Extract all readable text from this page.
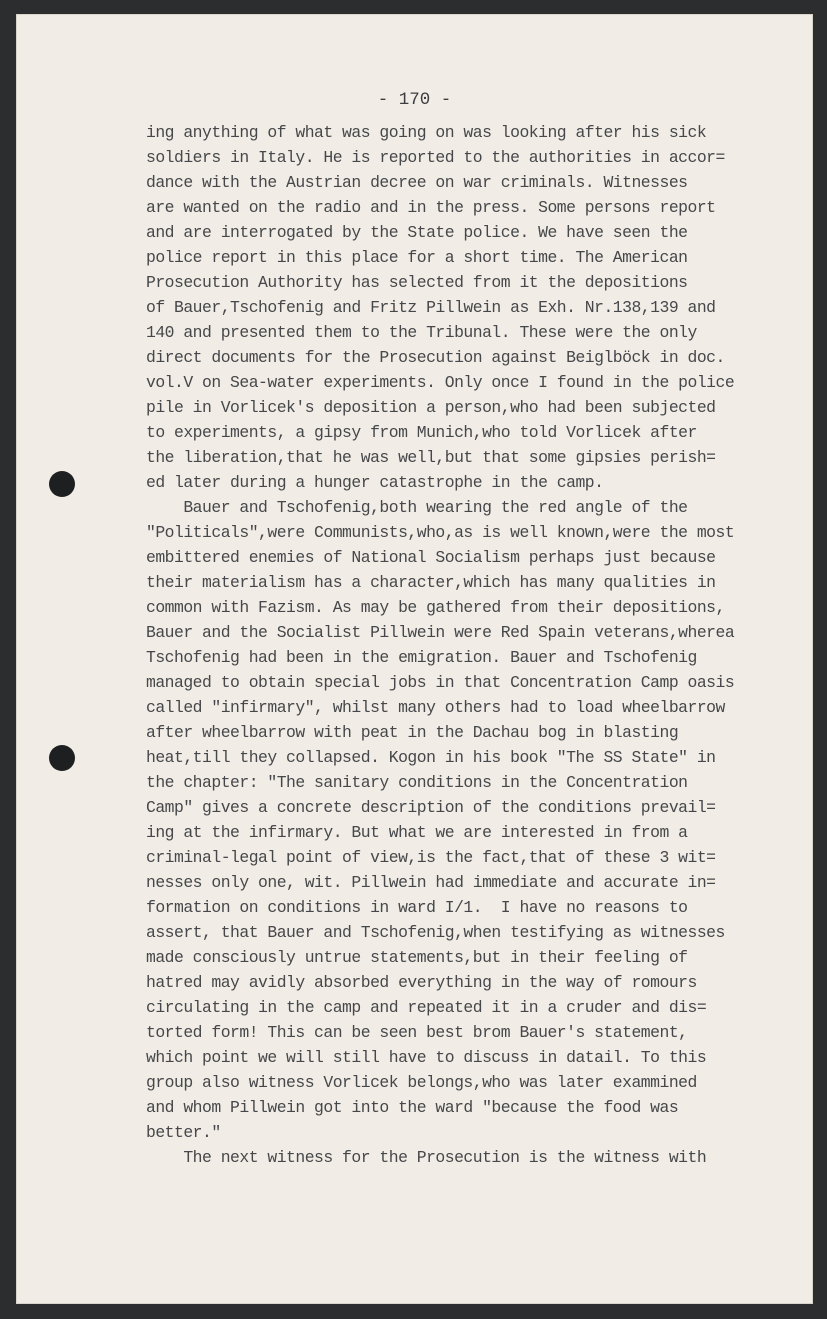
- 170 -
ing anything of what was going on was looking after his sick
soldiers in Italy. He is reported to the authorities in accor=
dance with the Austrian decree on war criminals. Witnesses
are wanted on the radio and in the press. Some persons report
and are interrogated by the State police. We have seen the
police report in this place for a short time. The American
Prosecution Authority has selected from it the depositions
of Bauer,Tschofenig and Fritz Pillwein as Exh. Nr.138,139 and
140 and presented them to the Tribunal. These were the only
direct documents for the Prosecution against Beiglböck in doc.
vol.V on Sea-water experiments. Only once I found in the police
pile in Vorlicek's deposition a person,who had been subjected
to experiments, a gipsy from Munich,who told Vorlicek after
the liberation,that he was well,but that some gipsies perish=
ed later during a hunger catastrophe in the camp.
Bauer and Tschofenig,both wearing the red angle of the
"Politicals",were Communists,who,as is well known,were the most
embittered enemies of National Socialism perhaps just because
their materialism has a character,which has many qualities in
common with Fazism. As may be gathered from their depositions,
Bauer and the Socialist Pillwein were Red Spain veterans,wherea
Tschofenig had been in the emigration. Bauer and Tschofenig
managed to obtain special jobs in that Concentration Camp oasis
called "infirmary", whilst many others had to load wheelbarrow
after wheelbarrow with peat in the Dachau bog in blasting
heat,till they collapsed. Kogon in his book "The SS State" in
the chapter: "The sanitary conditions in the Concentration
Camp" gives a concrete description of the conditions prevail=
ing at the infirmary. But what we are interested in from a
criminal-legal point of view,is the fact,that of these 3 wit=
nesses only one, wit. Pillwein had immediate and accurate in=
formation on conditions in ward I/1.  I have no reasons to
assert, that Bauer and Tschofenig,when testifying as witnesses
made consciously untrue statements,but in their feeling of
hatred may avidly absorbed everything in the way of romours
circulating in the camp and repeated it in a cruder and dis=
torted form! This can be seen best brom Bauer's statement,
which point we will still have to discuss in datail. To this
group also witness Vorlicek belongs,who was later exammined
and whom Pillwein got into the ward "because the food was
better."
The next witness for the Prosecution is the witness with
